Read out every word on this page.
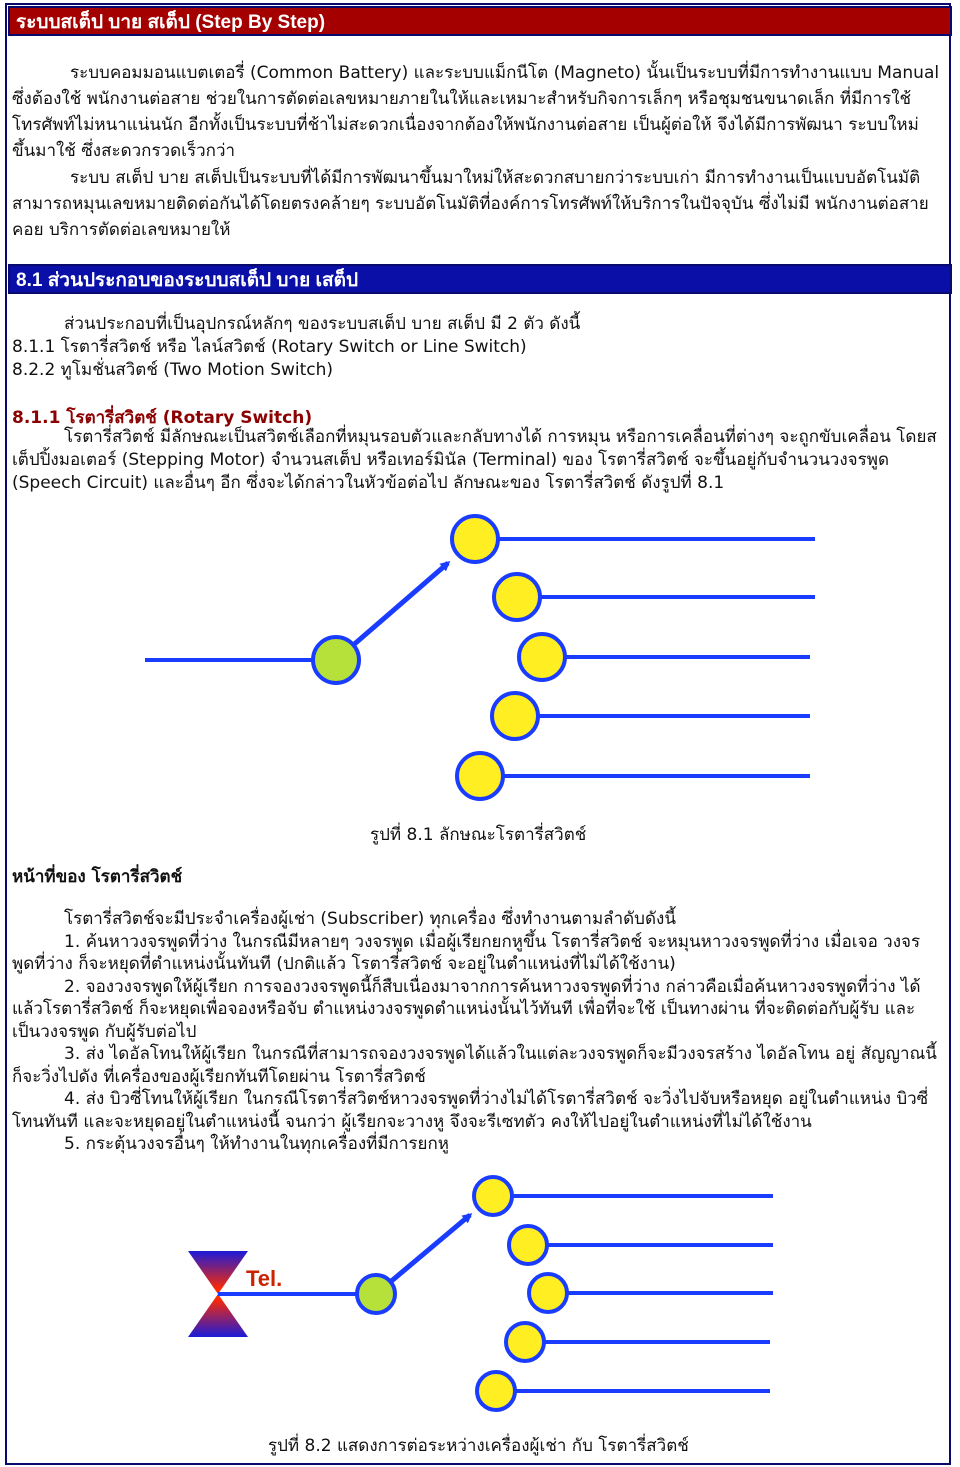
ระบบสเต็ป บาย สเต็ป (Step By Step)

ระบบคอมมอนแบตเตอรี่ (Common Battery) และระบบแม็กนีโต (Magneto) นั้นเป็นระบบที่มีการทำงานแบบ Manual ซึ่งต้องใช้ พนักงานต่อสาย ช่วยในการตัดต่อเลขหมายภายในให้และเหมาะสำหรับกิจการเล็กๆ หรือชุมชนขนาดเล็ก ที่มีการใช้โทรศัพท์ไม่หนาแน่นนัก อีกทั้งเป็นระบบที่ช้าไม่สะดวกเนื่องจากต้องให้พนักงานต่อสาย เป็นผู้ต่อให้ จึงได้มีการพัฒนา ระบบใหม่ขึ้นมาใช้ ซึ่งสะดวกรวดเร็วกว่า

ระบบ สเต็ป บาย สเต็ปเป็นระบบที่ได้มีการพัฒนาขึ้นมาใหม่ให้สะดวกสบายกว่าระบบเก่า มีการทำงานเป็นแบบอัตโนมัติ สามารถหมุนเลขหมายติดต่อกันได้โดยตรงคล้ายๆ ระบบอัตโนมัติที่องค์การโทรศัพท์ให้บริการในปัจจุบัน ซึ่งไม่มี พนักงานต่อสาย คอย บริการตัดต่อเลขหมายให้

8.1 ส่วนประกอบของระบบสเต็ป บาย เสต็ป
ส่วนประกอบที่เป็นอุปกรณ์หลักๆ ของระบบสเต็ป บาย สเต็ป มี 2 ตัว ดังนี้
8.1.1 โรตารี่สวิตช์ หรือ ไลน์สวิตช์ (Rotary Switch or Line Switch)
8.2.2 ทูโมชั่นสวิตช์ (Two Motion Switch)
8.1.1 โรตารี่สวิตช์ (Rotary Switch)

โรตารี่สวิตช์ มีลักษณะเป็นสวิตช์เลือกที่หมุนรอบตัวและกลับทางได้ การหมุน หรือการเคลื่อนที่ต่างๆ จะถูกขับเคลื่อน โดยสเต็ปปิ้งมอเตอร์ (Stepping Motor) จำนวนสเต็ป หรือเทอร์มินัล (Terminal) ของ โรตารี่สวิตช์ จะขึ้นอยู่กับจำนวนวงจรพูด (Speech Circuit) และอื่นๆ อีก ซึ่งจะได้กล่าวในหัวข้อต่อไป ลักษณะของ โรตารี่สวิตช์ ดังรูปที่ 8.1

รูปที่ 8.1 ลักษณะโรตารี่สวิตช์
หน้าที่ของ โรตารี่สวิตช์
โรตารี่สวิตช์จะมีประจำเครื่องผู้เช่า (Subscriber) ทุกเครื่อง ซึ่งทำงานตามลำดับดังนี้
1. ค้นหาวงจรพูดที่ว่าง ในกรณีมีหลายๆ วงจรพูด เมื่อผู้เรียกยกหูขึ้น โรตารี่สวิตช์ จะหมุนหาวงจรพูดที่ว่าง เมื่อเจอ วงจรพูดที่ว่าง ก็จะหยุดที่ตำแหน่งนั้นทันที (ปกติแล้ว โรตารี่สวิตช์ จะอยู่ในตำแหน่งที่ไม่ได้ใช้งาน)
2. จองวงจรพูดให้ผู้เรียก การจองวงจรพูดนี้ก็สืบเนื่องมาจากการค้นหาวงจรพูดที่ว่าง กล่าวคือเมื่อค้นหาวงจรพูดที่ว่าง ได้แล้วโรตารี่สวิตช์ ก็จะหยุดเพื่อจองหรือจับ ตำแหน่งวงจรพูดตำแหน่งนั้นไว้ทันที เพื่อที่จะใช้ เป็นทางผ่าน ที่จะติดต่อกับผู้รับ และเป็นวงจรพูด กับผู้รับต่อไป
3. ส่ง ไดอัลโทนให้ผู้เรียก ในกรณีที่สามารถจองวงจรพูดได้แล้วในแต่ละวงจรพูดก็จะมีวงจรสร้าง ไดอัลโทน อยู่ สัญญาณนี้ก็จะวิ่งไปดัง ที่เครื่องของผู้เรียกทันทีโดยผ่าน โรตารี่สวิตช์
4. ส่ง บิวซี่โทนให้ผู้เรียก ในกรณีโรตารี่สวิตช์หาวงจรพูดที่ว่างไม่ได้โรตารี่สวิตช์ จะวิ่งไปจับหรือหยุด อยู่ในตำแหน่ง บิวซี่โทนทันที และจะหยุดอยู่ในตำแหน่งนี้ จนกว่า ผู้เรียกจะวางหู จึงจะรีเซทตัว คงให้ไปอยู่ในตำแหน่งที่ไม่ได้ใช้งาน
5. กระตุ้นวงจรอื่นๆ ให้ทำงานในทุกเครื่องที่มีการยกหู
Tel.
รูปที่ 8.2 แสดงการต่อระหว่างเครื่องผู้เช่า กับ โรตารี่สวิตช์
